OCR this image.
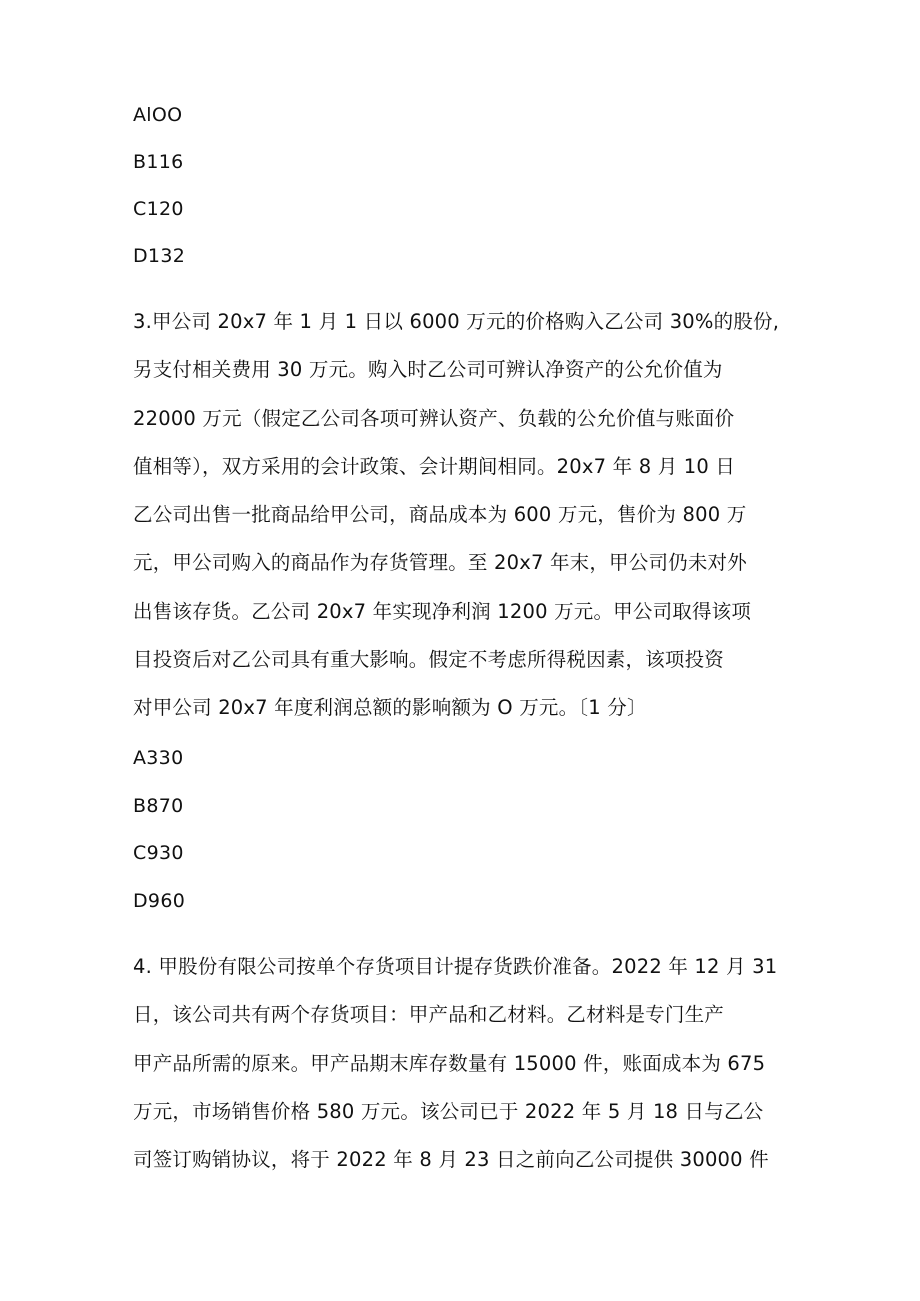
AlOO
B116
C120
D132
3.甲公司 20x7 年 1 月 1 日以 6000 万元的价格购入乙公司 30%的股份,
另支付相关费用 30 万元。购入时乙公司可辨认净资产的公允价值为
22000 万元（假定乙公司各项可辨认资产、负载的公允价值与账面价
值相等），双方采用的会计政策、会计期间相同。20x7 年 8 月 10 日
乙公司出售一批商品给甲公司，商品成本为 600 万元，售价为 800 万
元，甲公司购入的商品作为存货管理。至 20x7 年末，甲公司仍未对外
出售该存货。乙公司 20x7 年实现净利润 1200 万元。甲公司取得该项
目投资后对乙公司具有重大影响。假定不考虑所得税因素，该项投资
对甲公司 20x7 年度利润总额的影响额为 O 万元。〔1 分〕
A330
B870
C930
D960
4. 甲股份有限公司按单个存货项目计提存货跌价准备。2022 年 12 月 31
日，该公司共有两个存货项目：甲产品和乙材料。乙材料是专门生产
甲产品所需的原来。甲产品期末库存数量有 15000 件，账面成本为 675
万元，市场销售价格 580 万元。该公司已于 2022 年 5 月 18 日与乙公
司签订购销协议，将于 2022 年 8 月 23 日之前向乙公司提供 30000 件
